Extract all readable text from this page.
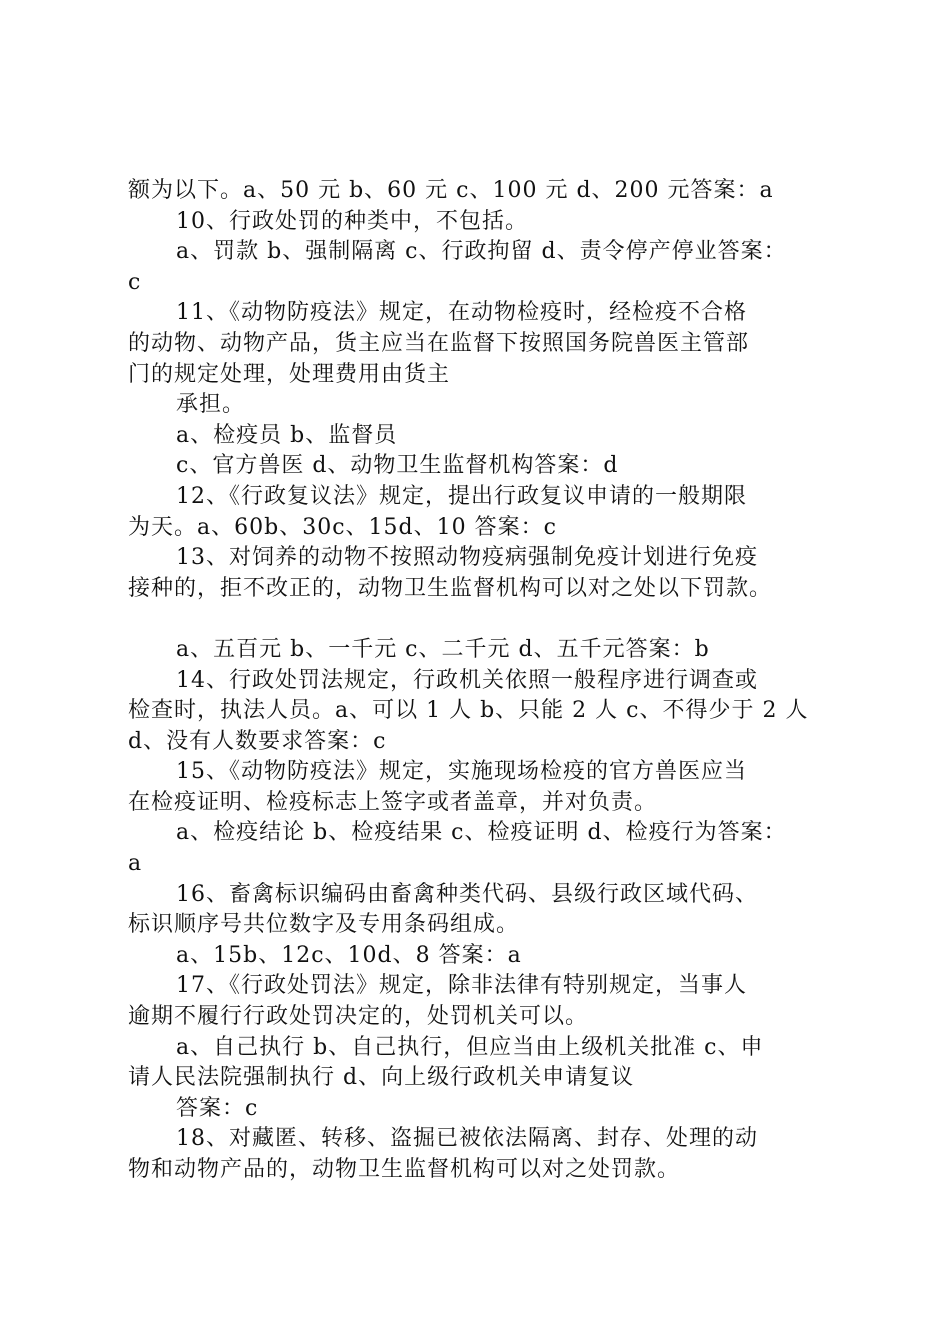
额为以下。a、50 元 b、60 元 c、100 元 d、200 元答案：a
10、行政处罚的种类中，不包括。
a、罚款 b、强制隔离 c、行政拘留 d、责令停产停业答案：
c
11、《动物防疫法》规定，在动物检疫时，经检疫不合格
的动物、动物产品，货主应当在监督下按照国务院兽医主管部
门的规定处理，处理费用由货主
承担。
a、检疫员 b、监督员
c、官方兽医 d、动物卫生监督机构答案：d
12、《行政复议法》规定，提出行政复议申请的一般期限
为天。a、60b、30c、15d、10 答案：c
13、对饲养的动物不按照动物疫病强制免疫计划进行免疫
接种的，拒不改正的，动物卫生监督机构可以对之处以下罚款。
a、五百元 b、一千元 c、二千元 d、五千元答案：b
14、行政处罚法规定，行政机关依照一般程序进行调查或
检查时，执法人员。a、可以 1 人 b、只能 2 人 c、不得少于 2 人
d、没有人数要求答案：c
15、《动物防疫法》规定，实施现场检疫的官方兽医应当
在检疫证明、检疫标志上签字或者盖章，并对负责。
a、检疫结论 b、检疫结果 c、检疫证明 d、检疫行为答案：
a
16、畜禽标识编码由畜禽种类代码、县级行政区域代码、
标识顺序号共位数字及专用条码组成。
a、15b、12c、10d、8 答案：a
17、《行政处罚法》规定，除非法律有特别规定，当事人
逾期不履行行政处罚决定的，处罚机关可以。
a、自己执行 b、自己执行，但应当由上级机关批准 c、申
请人民法院强制执行 d、向上级行政机关申请复议
答案：c
18、对藏匿、转移、盗掘已被依法隔离、封存、处理的动
物和动物产品的，动物卫生监督机构可以对之处罚款。
